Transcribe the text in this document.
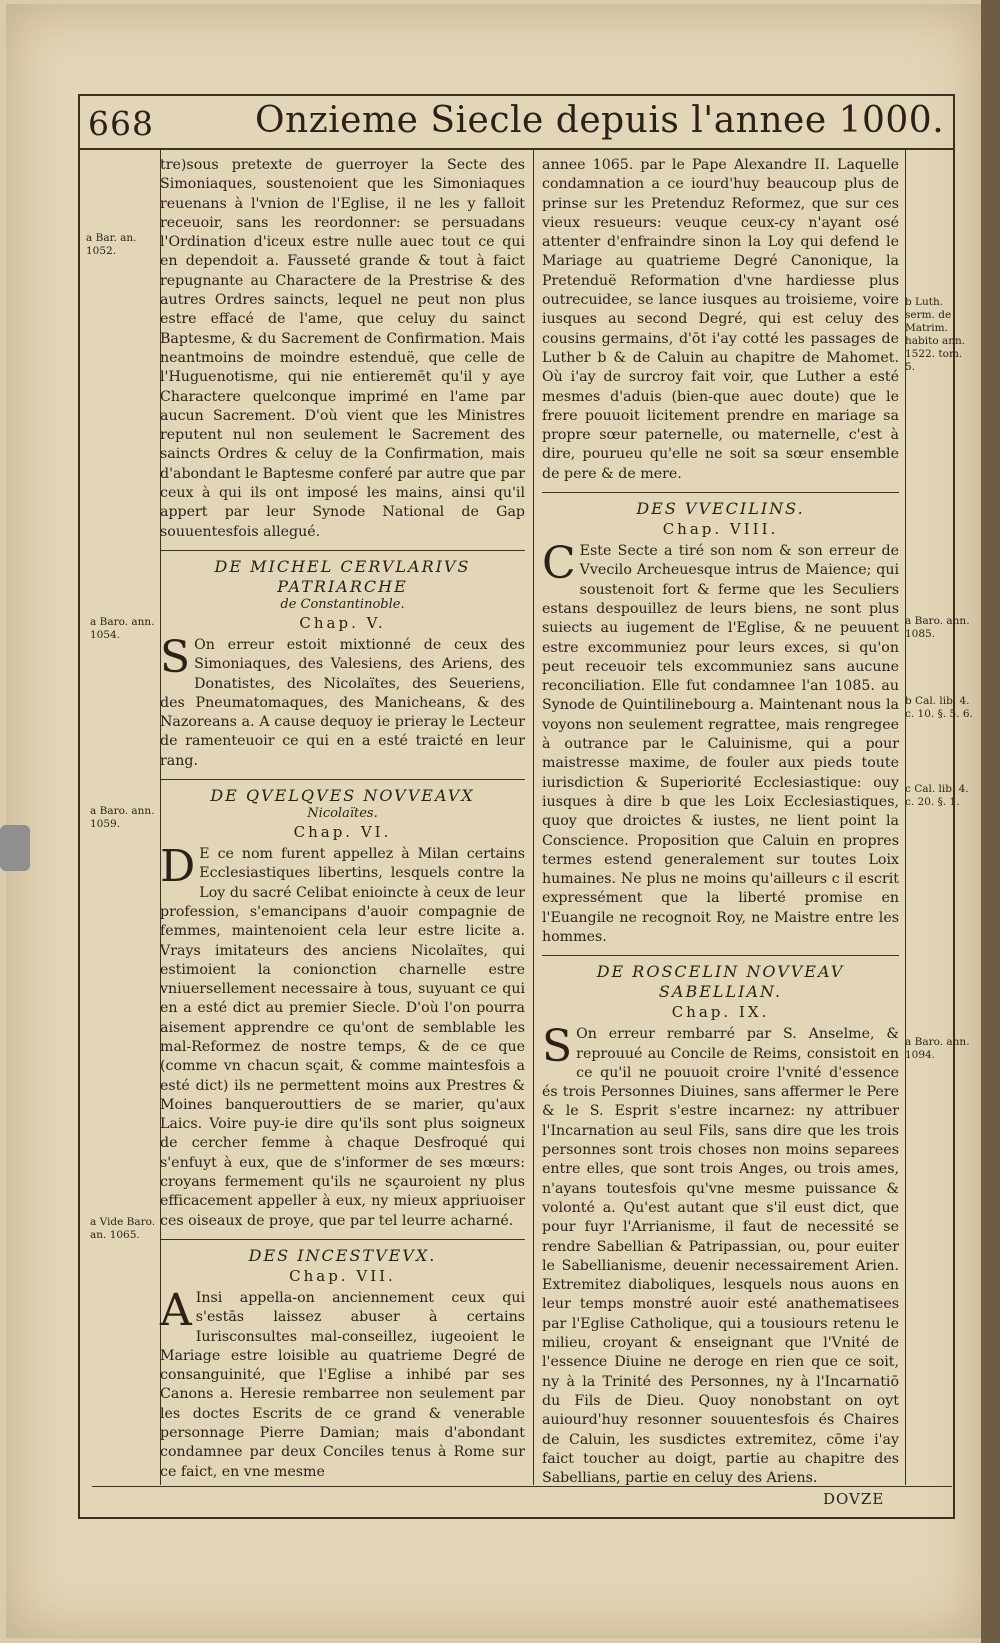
668	Onzieme Siecle depuis l'annee 1000.

tre)sous pretexte de guerroyer la Secte des Simoniaques, soustenoient que les Simoniaques reuenans à l'vnion de l'Eglise, il ne les y falloit receuoir, sans les reordonner: se persuadans l'Ordination d'iceux estre nulle auec tout ce qui en dependoit a. Fausseté grande & tout à faict repugnante au Charactere de la Prestrise & des autres Ordres saincts, lequel ne peut non plus estre effacé de l'ame, que celuy du sainct Baptesme, & du Sacrement de Confirmation. Mais neantmoins de moindre estenduë, que celle de l'Huguenotisme, qui nie entieremēt qu'il y aye Charactere quelconque imprimé en l'ame par aucun Sacrement. D'où vient que les Ministres reputent nul non seulement le Sacrement des saincts Ordres & celuy de la Confirmation, mais d'abondant le Baptesme conferé par autre que par ceux à qui ils ont imposé les mains, ainsi qu'il appert par leur Synode National de Gap souuentesfois allegué.

DE MICHEL CERVLARIVS PATRIARCHE

de Constantinoble.

Chap. V.

S On erreur estoit mixtionné de ceux des Simoniaques, des Valesiens, des Ariens, des Donatistes, des Nicolaïtes, des Seueriens, des Pneumatomaques, des Manicheans, & des Nazoreans a. A cause dequoy ie prieray le Lecteur de ramenteuoir ce qui en a esté traicté en leur rang.

DE QVELQVES NOVVEAVX

Nicolaïtes.

Chap. VI.

D E ce nom furent appellez à Milan certains Ecclesiastiques libertins, lesquels contre la Loy du sacré Celibat enioincte à ceux de leur profession, s'emancipans d'auoir compagnie de femmes, maintenoient cela leur estre licite a. Vrays imitateurs des anciens Nicolaïtes, qui estimoient la conionction charnelle estre vniuersellement necessaire à tous, suyuant ce qui en a esté dict au premier Siecle. D'où l'on pourra aisement apprendre ce qu'ont de semblable les mal-Reformez de nostre temps, & de ce que (comme vn chacun sçait, & comme maintesfois a esté dict) ils ne permettent moins aux Prestres & Moines banquerouttiers de se marier, qu'aux Laics. Voire puy-ie dire qu'ils sont plus soigneux de cercher femme à chaque Desfroqué qui s'enfuyt à eux, que de s'informer de ses mœurs: croyans fermement qu'ils ne sçauroient ny plus efficacement appeller à eux, ny mieux appriuoiser ces oiseaux de proye, que par tel leurre acharné.

DES INCESTVEVX.

Chap. VII.

A Insi appella-on anciennement ceux qui s'estās laissez abuser à certains Iurisconsultes mal-conseillez, iugeoient le Mariage estre loisible au quatrieme Degré de consanguinité, que l'Eglise a inhibé par ses Canons a. Heresie rembarree non seulement par les doctes Escrits de ce grand & venerable personnage Pierre Damian; mais d'abondant condamnee par deux Conciles tenus à Rome sur ce faict, en vne mesme

annee 1065. par le Pape Alexandre II. Laquelle condamnation a ce iourd'huy beaucoup plus de prinse sur les Pretenduz Reformez, que sur ces vieux resueurs: veuque ceux-cy n'ayant osé attenter d'enfraindre sinon la Loy qui defend le Mariage au quatrieme Degré Canonique, la Pretenduë Reformation d'vne hardiesse plus outrecuidee, se lance iusques au troisieme, voire iusques au second Degré, qui est celuy des cousins germains, d'ōt i'ay cotté les passages de Luther b & de Caluin au chapitre de Mahomet. Où i'ay de surcroy fait voir, que Luther a esté mesmes d'aduis (bien-que auec doute) que le frere pouuoit licitement prendre en mariage sa propre sœur paternelle, ou maternelle, c'est à dire, pourueu qu'elle ne soit sa sœur ensemble de pere & de mere.

DES VVECILINS.

Chap. VIII.

C Este Secte a tiré son nom & son erreur de Vvecilo Archeuesque intrus de Maience; qui soustenoit fort & ferme que les Seculiers estans despouillez de leurs biens, ne sont plus suiects au iugement de l'Eglise, & ne peuuent estre excommuniez pour leurs exces, si qu'on peut receuoir tels excommuniez sans aucune reconciliation. Elle fut condamnee l'an 1085. au Synode de Quintilinebourg a. Maintenant nous la voyons non seulement regrattee, mais rengregee à outrance par le Caluinisme, qui a pour maistresse maxime, de fouler aux pieds toute iurisdiction & Superiorité Ecclesiastique: ouy iusques à dire b que les Loix Ecclesiastiques, quoy que droictes & iustes, ne lient point la Conscience. Proposition que Caluin en propres termes estend generalement sur toutes Loix humaines. Ne plus ne moins qu'ailleurs c il escrit expressément que la liberté promise en l'Euangile ne recognoit Roy, ne Maistre entre les hommes.

DE ROSCELIN NOVVEAV SABELLIAN.

Chap. IX.

S On erreur rembarré par S. Anselme, & reprouué au Concile de Reims, consistoit en ce qu'il ne pouuoit croire l'vnité d'essence és trois Personnes Diuines, sans affermer le Pere & le S. Esprit s'estre incarnez: ny attribuer l'Incarnation au seul Fils, sans dire que les trois personnes sont trois choses non moins separees entre elles, que sont trois Anges, ou trois ames, n'ayans toutesfois qu'vne mesme puissance & volonté a. Qu'est autant que s'il eust dict, que pour fuyr l'Arrianisme, il faut de necessité se rendre Sabellian & Patripassian, ou, pour euiter le Sabellianisme, deuenir necessairement Arien. Extremitez diaboliques, lesquels nous auons en leur temps monstré auoir esté anathematisees par l'Eglise Catholique, qui a tousiours retenu le milieu, croyant & enseignant que l'Vnité de l'essence Diuine ne deroge en rien que ce soit, ny à la Trinité des Personnes, ny à l'Incarnatiō du Fils de Dieu. Quoy nonobstant on oyt auiourd'huy resonner souuentesfois és Chaires de Caluin, les susdictes extremitez, cōme i'ay faict toucher au doigt, partie au chapitre des Sabellians, partie en celuy des Ariens.

a Bar. an. 1052.
a Baro. ann. 1054.
a Baro. ann. 1059.
a Vide Baro. an. 1065.
b Luth. serm. de Matrim. habito ann. 1522. tom. 5.
a Baro. ann. 1085.
b Cal. lib. 4. c. 10. §. 5. 6.
c Cal. lib. 4. c. 20. §. 1.
a Baro. ann. 1094.
DOVZE
